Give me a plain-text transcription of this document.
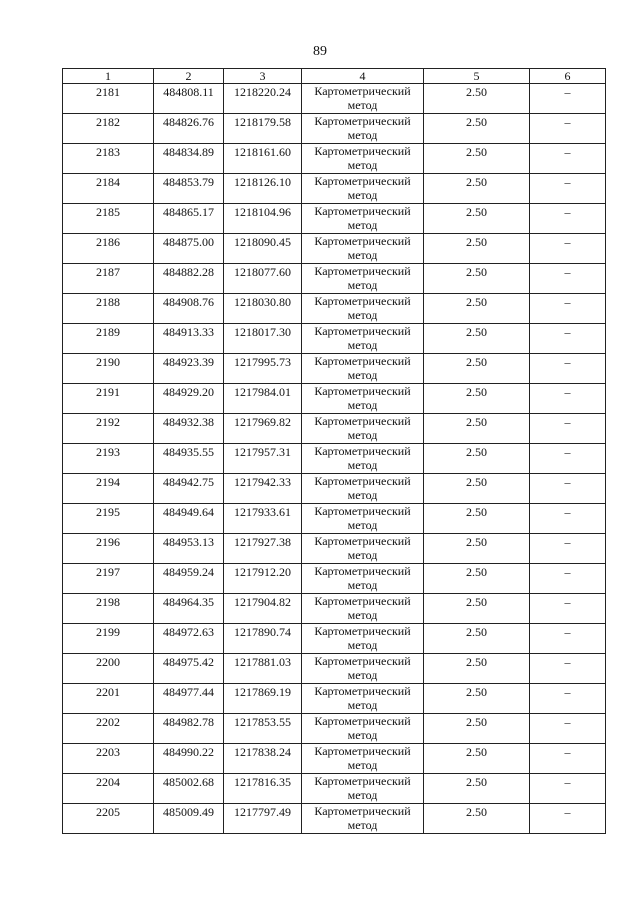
89
1	2	3	4	5	6

2181	484808.11	1218220.24	Картометрический
метод	2.50	–

2182	484826.76	1218179.58	Картометрический
метод	2.50	–

2183	484834.89	1218161.60	Картометрический
метод	2.50	–

2184	484853.79	1218126.10	Картометрический
метод	2.50	–

2185	484865.17	1218104.96	Картометрический
метод	2.50	–

2186	484875.00	1218090.45	Картометрический
метод	2.50	–

2187	484882.28	1218077.60	Картометрический
метод	2.50	–

2188	484908.76	1218030.80	Картометрический
метод	2.50	–

2189	484913.33	1218017.30	Картометрический
метод	2.50	–

2190	484923.39	1217995.73	Картометрический
метод	2.50	–

2191	484929.20	1217984.01	Картометрический
метод	2.50	–

2192	484932.38	1217969.82	Картометрический
метод	2.50	–

2193	484935.55	1217957.31	Картометрический
метод	2.50	–

2194	484942.75	1217942.33	Картометрический
метод	2.50	–

2195	484949.64	1217933.61	Картометрический
метод	2.50	–

2196	484953.13	1217927.38	Картометрический
метод	2.50	–

2197	484959.24	1217912.20	Картометрический
метод	2.50	–

2198	484964.35	1217904.82	Картометрический
метод	2.50	–

2199	484972.63	1217890.74	Картометрический
метод	2.50	–

2200	484975.42	1217881.03	Картометрический
метод	2.50	–

2201	484977.44	1217869.19	Картометрический
метод	2.50	–

2202	484982.78	1217853.55	Картометрический
метод	2.50	–

2203	484990.22	1217838.24	Картометрический
метод	2.50	–

2204	485002.68	1217816.35	Картометрический
метод	2.50	–

2205	485009.49	1217797.49	Картометрический
метод	2.50	–
